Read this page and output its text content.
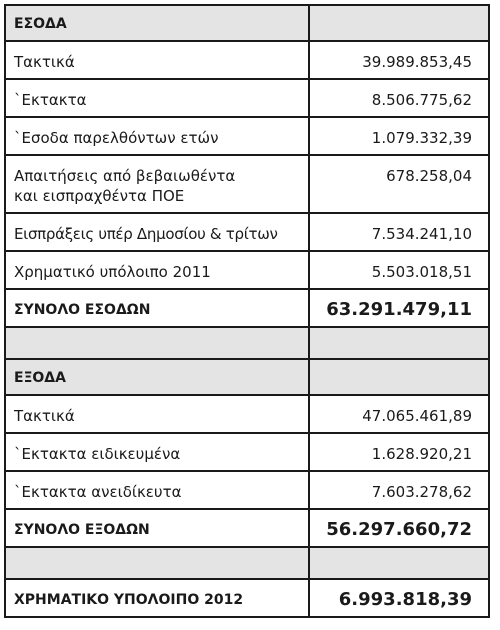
ΕΣΟΔΑ	
Τακτικά	39.989.853,45
`Εκτακτα	8.506.775,62
`Εσοδα παρελθόντων ετών	1.079.332,39
Απαιτήσεις από βεβαιωθέντα
και εισπραχθέντα ΠΟΕ	678.258,04
Εισπράξεις υπέρ Δημοσίου & τρίτων	7.534.241,10
Χρηματικό υπόλοιπο 2011	5.503.018,51
ΣΥΝΟΛΟ ΕΣΟΔΩΝ	63.291.479,11

ΕΞΟΔΑ	
Τακτικά	47.065.461,89
`Εκτακτα ειδικευμένα	1.628.920,21
`Εκτακτα ανειδίκευτα	7.603.278,62
ΣΥΝΟΛΟ ΕΞΟΔΩΝ	56.297.660,72

ΧΡΗΜΑΤΙΚΟ ΥΠΟΛΟΙΠΟ 2012	6.993.818,39
